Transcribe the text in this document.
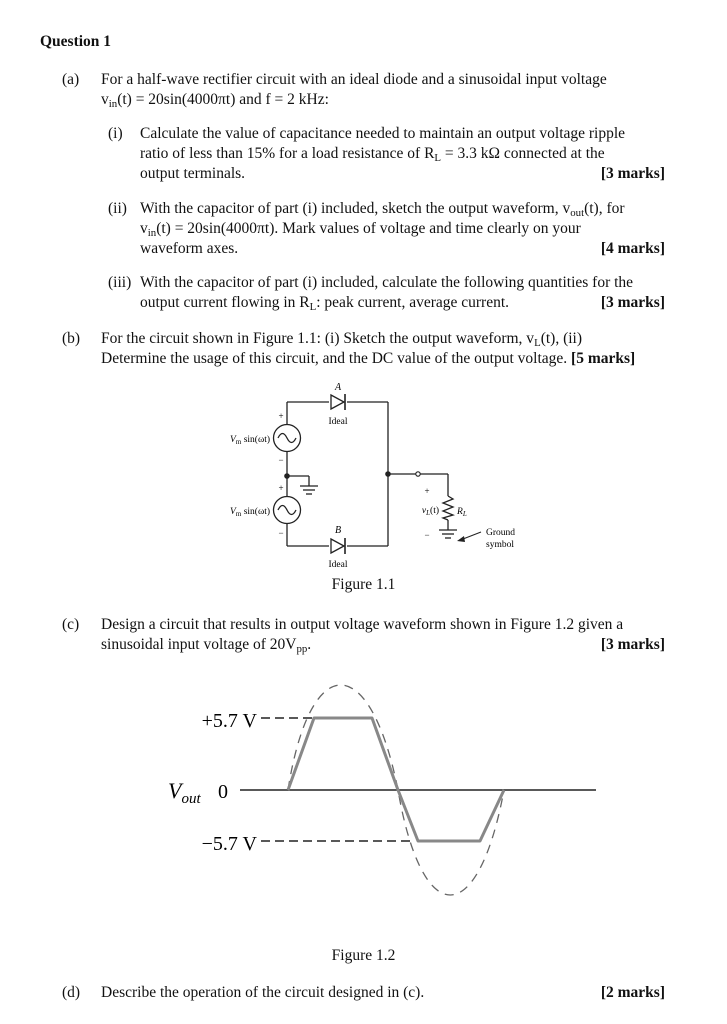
Question 1
(a) For a half-wave rectifier circuit with an ideal diode and a sinusoidal input voltage
$v_{in}(t) = 20\sin(4000\pi t)$ and f = 2 kHz:
(i) Calculate the value of capacitance needed to maintain an output voltage ripple
ratio of less than 15% for a load resistance of $R_L = 3.3$ kΩ connected at the
output terminals.	[3 marks]
(ii) With the capacitor of part (i) included, sketch the output waveform, $v_{out}(t)$, for
$v_{in}(t) = 20\sin(4000\pi t)$. Mark values of voltage and time clearly on your
waveform axes.	[4 marks]
(iii) With the capacitor of part (i) included, calculate the following quantities for the
output current flowing in $R_L$: peak current, average current.	[3 marks]
(b) For the circuit shown in Figure 1.1: (i) Sketch the output waveform, $v_L(t)$, (ii)
Determine the usage of this circuit, and the DC value of the output voltage. [5 marks]
A
Ideal
B
Ideal
$V_m$ sin(ωt)
$V_m$ sin(ωt)
+
−
+
−
+
−
$v_L(t)$ $R_L$
Ground
symbol
Figure 1.1
(c) Design a circuit that results in output voltage waveform shown in Figure 1.2 given a
sinusoidal input voltage of $20V_{pp}$.	[3 marks]
+5.7 V
−5.7 V
$V_{out}$ 0
Figure 1.2
(d) Describe the operation of the circuit designed in (c).	[2 marks]
